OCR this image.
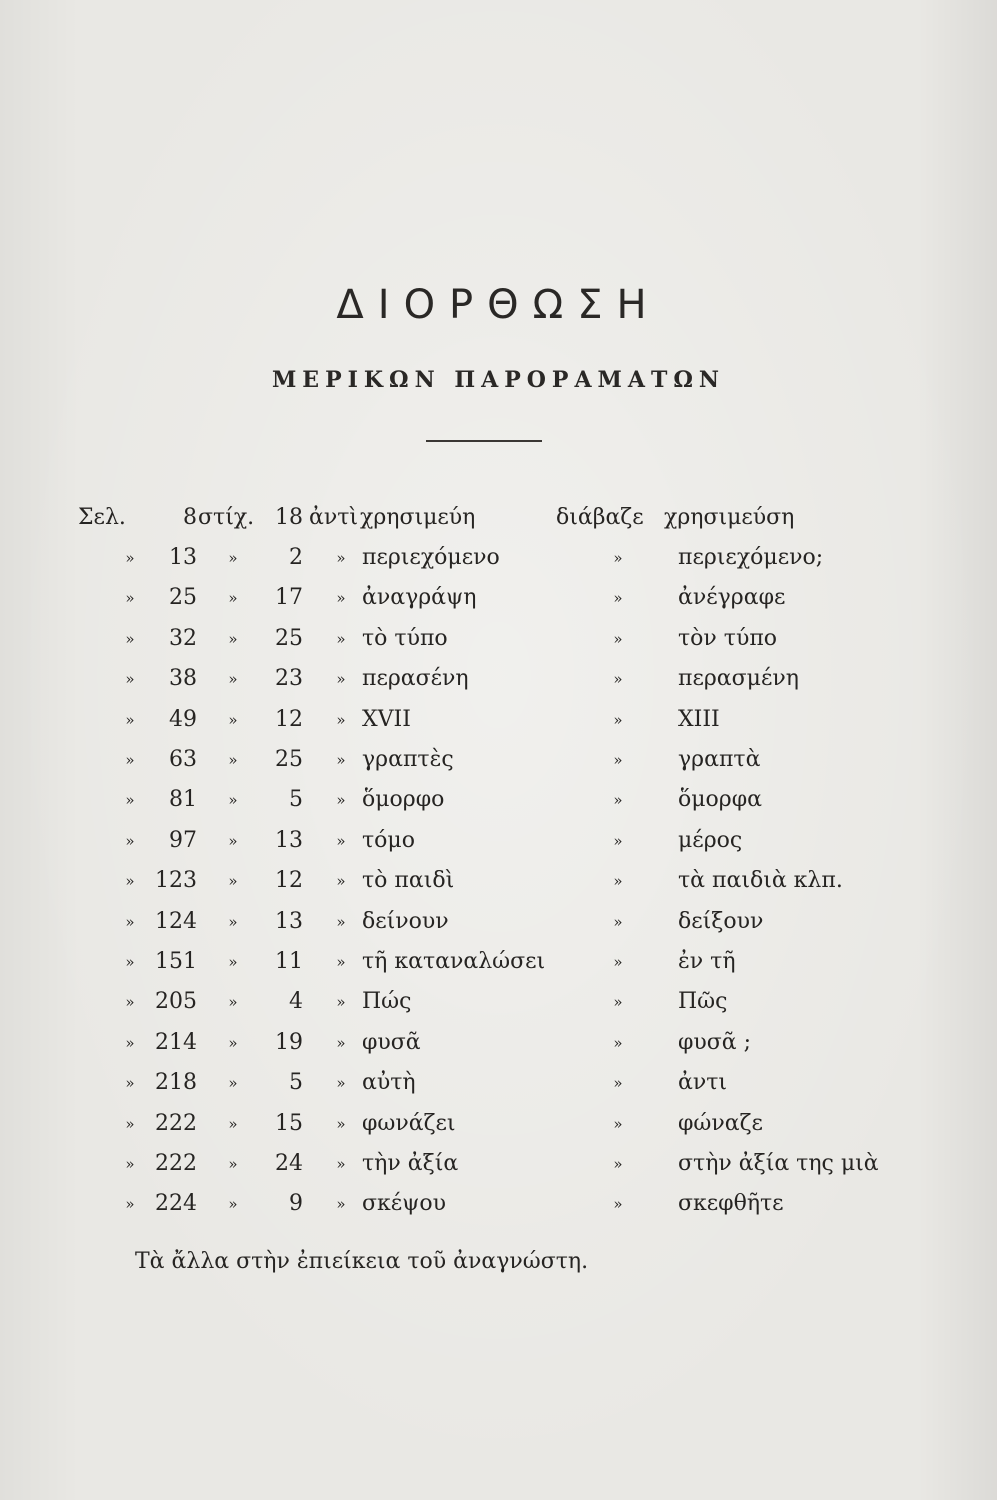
ΔΙΟΡΘΩΣΗ
ΜΕΡΙΚΩΝ ΠΑΡΟΡΑΜΑΤΩΝ
Σελ.	8 στίχ. 18 ἀντὶ χρησιμεύη	διάβαζε χρησιμεύση
»	13	»	2	» περιεχόμενο	»	περιεχόμενο;
»	25	»	17	» ἀναγράψη	»	ἀνέγραφε
»	32	»	25	» τὸ τύπο	»	τὸν τύπο
»	38	»	23	» περασένη	»	περασμένη
»	49	»	12	» XVII	»	XIII
»	63	»	25	» γραπτὲς	»	γραπτὰ
»	81	»	5	» ὅμορφο	»	ὅμορφα
»	97	»	13	» τόμο	»	μέρος
» 123	»	12	» τὸ παιδὶ	»	τὰ παιδιὰ κλπ.
» 124	»	13	» δείνουν	»	δείξουν
» 151	»	11	» τῆ καταναλώσει	»	ἐν τῆ
» 205	»	4	» Πώς	»	Πῶς
» 214	»	19	» φυσᾶ	»	φυσᾶ ;
» 218	»	5	» αὐτὴ	»	ἀντι
» 222	»	15	» φωνάζει	»	φώναζε
» 222	»	24	» τὴν ἀξία	»	στὴν ἀξία της μιὰ
» 224	»	9	» σκέψου	»	σκεφθῆτε

Τὰ ἄλλα στὴν ἐπιείκεια τοῦ ἀναγνώστη.
